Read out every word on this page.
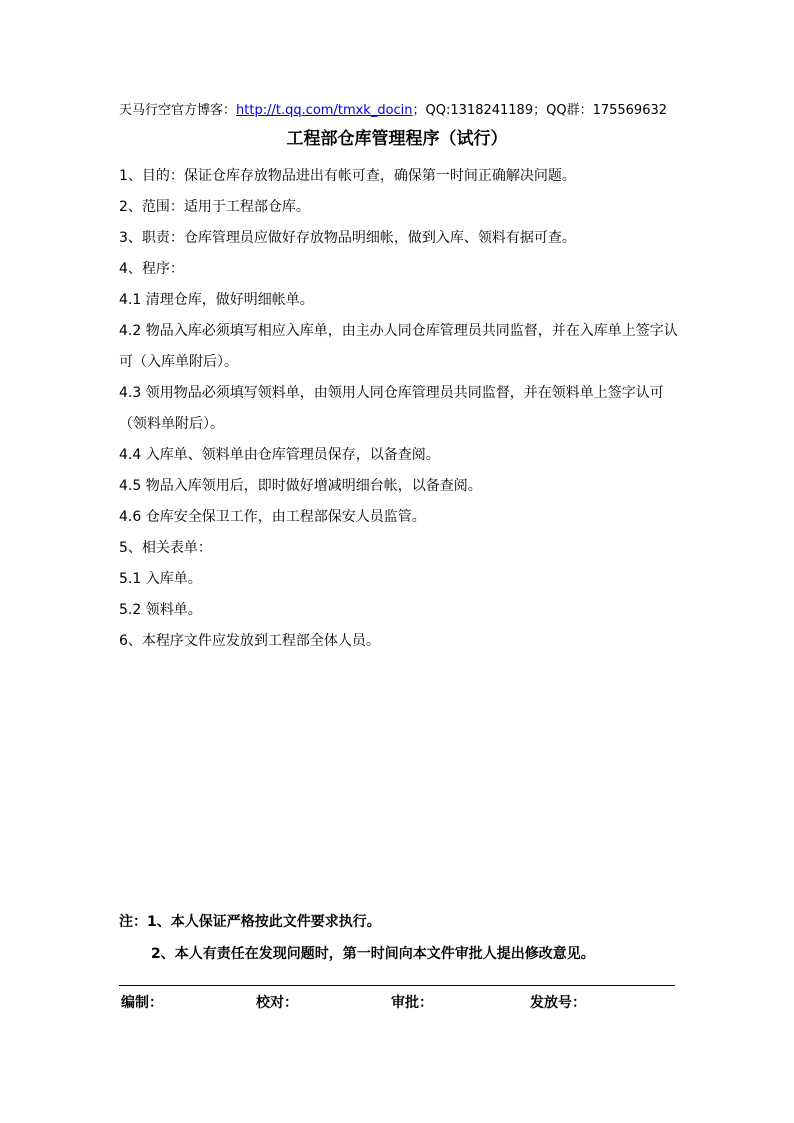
天马行空官方博客：http://t.qq.com/tmxk_docin；QQ:1318241189；QQ群：175569632
工程部仓库管理程序（试行）

1、目的：保证仓库存放物品进出有帐可查，确保第一时间正确解决问题。

2、范围：适用于工程部仓库。

3、职责：仓库管理员应做好存放物品明细帐，做到入库、领料有据可查。

4、程序：

4.1 清理仓库，做好明细帐单。

4.2 物品入库必须填写相应入库单，由主办人同仓库管理员共同监督，并在入库单上签字认可（入库单附后）。

4.3 领用物品必须填写领料单，由领用人同仓库管理员共同监督，并在领料单上签字认可（领料单附后）。

4.4 入库单、领料单由仓库管理员保存，以备查阅。

4.5 物品入库领用后，即时做好增减明细台帐，以备查阅。

4.6 仓库安全保卫工作，由工程部保安人员监管。

5、相关表单：

5.1 入库单。

5.2 领料单。

6、本程序文件应发放到工程部全体人员。

注：1、本人保证严格按此文件要求执行。
2、本人有责任在发现问题时，第一时间向本文件审批人提出修改意见。
编制：	校对：	审批：	发放号：
